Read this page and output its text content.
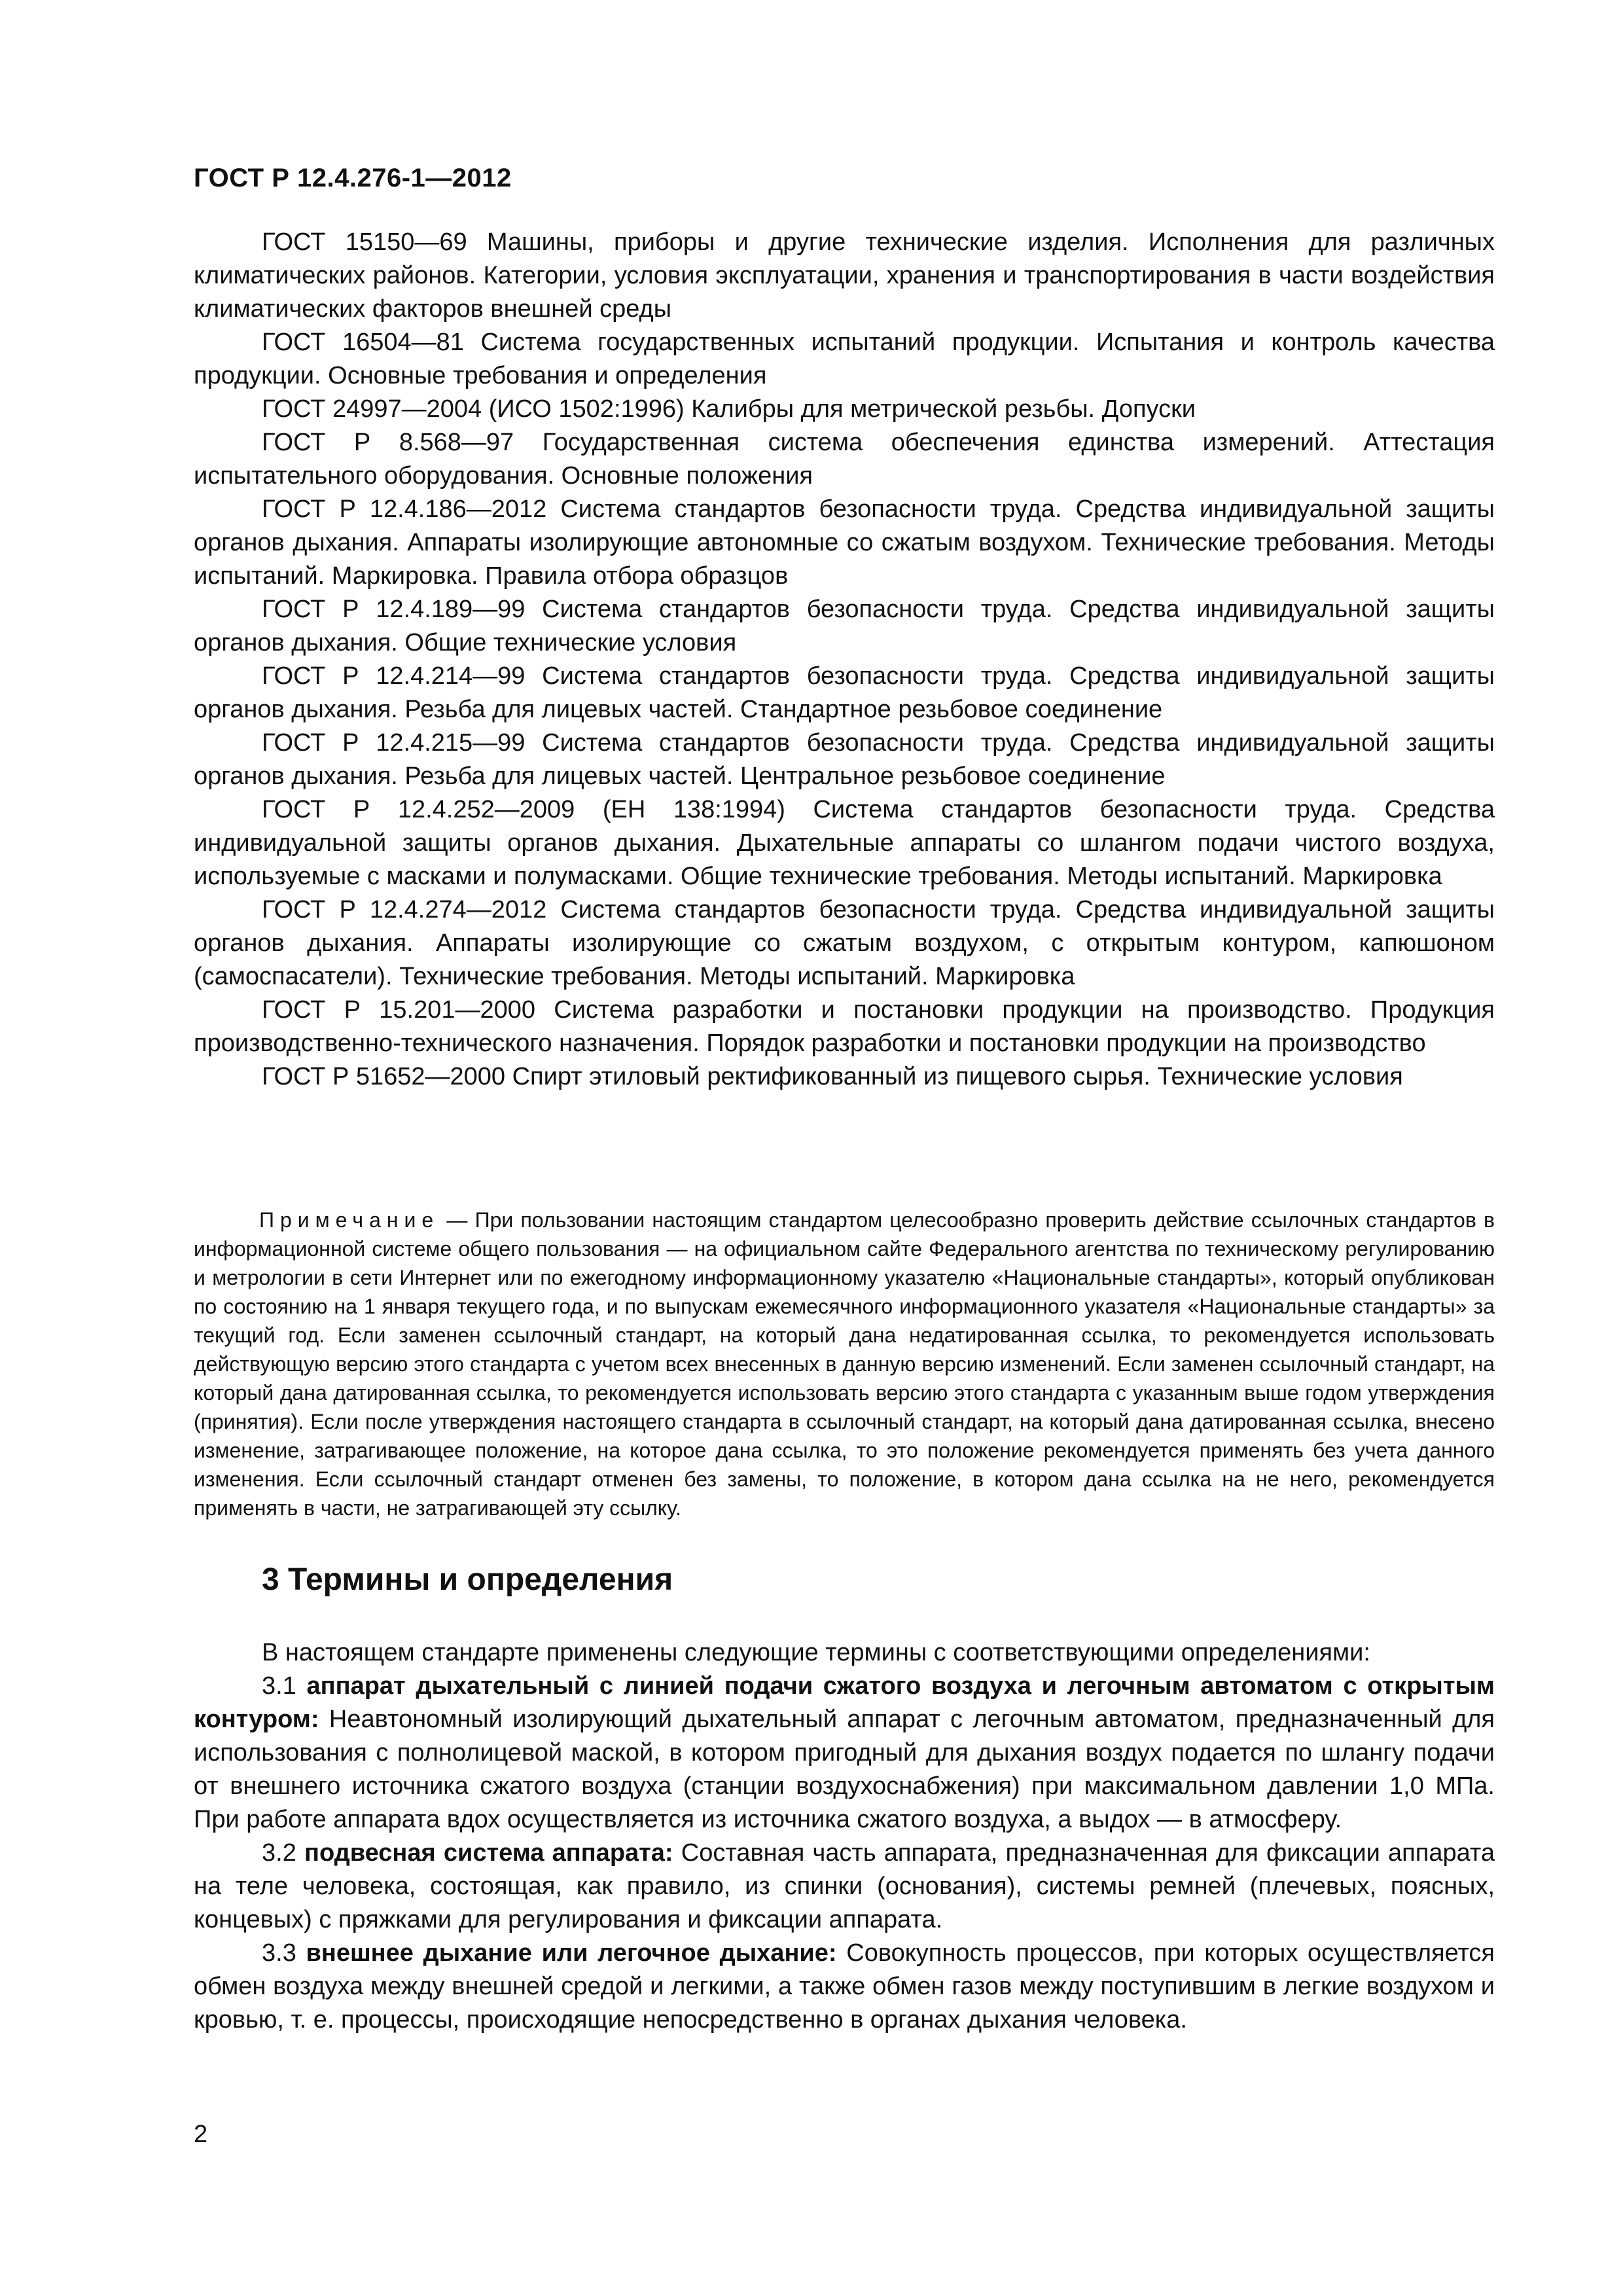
ГОСТ Р 12.4.276-1—2012

ГОСТ 15150—69 Машины, приборы и другие технические изделия. Исполнения для различных климатических районов. Категории, условия эксплуатации, хранения и транспортирования в части воздействия климатических факторов внешней среды

ГОСТ 16504—81 Система государственных испытаний продукции. Испытания и контроль качества продукции. Основные требования и определения

ГОСТ 24997—2004 (ИСО 1502:1996) Калибры для метрической резьбы. Допуски

ГОСТ Р 8.568—97 Государственная система обеспечения единства измерений. Аттестация испытательного оборудования. Основные положения

ГОСТ Р 12.4.186—2012 Система стандартов безопасности труда. Средства индивидуальной защиты органов дыхания. Аппараты изолирующие автономные со сжатым воздухом. Технические требования. Методы испытаний. Маркировка. Правила отбора образцов

ГОСТ Р 12.4.189—99 Система стандартов безопасности труда. Средства индивидуальной защиты органов дыхания. Общие технические условия

ГОСТ Р 12.4.214—99 Система стандартов безопасности труда. Средства индивидуальной защиты органов дыхания. Резьба для лицевых частей. Стандартное резьбовое соединение

ГОСТ Р 12.4.215—99 Система стандартов безопасности труда. Средства индивидуальной защиты органов дыхания. Резьба для лицевых частей. Центральное резьбовое соединение

ГОСТ Р 12.4.252—2009 (ЕН 138:1994) Система стандартов безопасности труда. Средства индивидуальной защиты органов дыхания. Дыхательные аппараты со шлангом подачи чистого воздуха, используемые с масками и полумасками. Общие технические требования. Методы испытаний. Маркировка

ГОСТ Р 12.4.274—2012 Система стандартов безопасности труда. Средства индивидуальной защиты органов дыхания. Аппараты изолирующие со сжатым воздухом, с открытым контуром, капюшоном (самоспасатели). Технические требования. Методы испытаний. Маркировка

ГОСТ Р 15.201—2000 Система разработки и постановки продукции на производство. Продукция производственно-технического назначения. Порядок разработки и постановки продукции на производство

ГОСТ Р 51652—2000 Спирт этиловый ректификованный из пищевого сырья. Технические условия

Примечание — При пользовании настоящим стандартом целесообразно проверить действие ссылочных стандартов в информационной системе общего пользования — на официальном сайте Федерального агентства по техническому регулированию и метрологии в сети Интернет или по ежегодному информационному указателю «Национальные стандарты», который опубликован по состоянию на 1 января текущего года, и по выпускам ежемесячного информационного указателя «Национальные стандарты» за текущий год. Если заменен ссылочный стандарт, на который дана недатированная ссылка, то рекомендуется использовать действующую версию этого стандарта с учетом всех внесенных в данную версию изменений. Если заменен ссылочный стандарт, на который дана датированная ссылка, то рекомендуется использовать версию этого стандарта с указанным выше годом утверждения (принятия). Если после утверждения настоящего стандарта в ссылочный стандарт, на который дана датированная ссылка, внесено изменение, затрагивающее положение, на которое дана ссылка, то это положение рекомендуется применять без учета данного изменения. Если ссылочный стандарт отменен без замены, то положение, в котором дана ссылка на не него, рекомендуется применять в части, не затрагивающей эту ссылку.

3 Термины и определения

В настоящем стандарте применены следующие термины с соответствующими определениями:

3.1 аппарат дыхательный с линией подачи сжатого воздуха и легочным автоматом с открытым контуром: Неавтономный изолирующий дыхательный аппарат с легочным автоматом, предназначенный для использования с полнолицевой маской, в котором пригодный для дыхания воздух подается по шлангу подачи от внешнего источника сжатого воздуха (станции воздухоснабжения) при максимальном давлении 1,0 МПа. При работе аппарата вдох осуществляется из источника сжатого воздуха, а выдох — в атмосферу.

3.2 подвесная система аппарата: Составная часть аппарата, предназначенная для фиксации аппарата на теле человека, состоящая, как правило, из спинки (основания), системы ремней (плечевых, поясных, концевых) с пряжками для регулирования и фиксации аппарата.

3.3 внешнее дыхание или легочное дыхание: Совокупность процессов, при которых осуществляется обмен воздуха между внешней средой и легкими, а также обмен газов между поступившим в легкие воздухом и кровью, т. е. процессы, происходящие непосредственно в органах дыхания человека.

2
